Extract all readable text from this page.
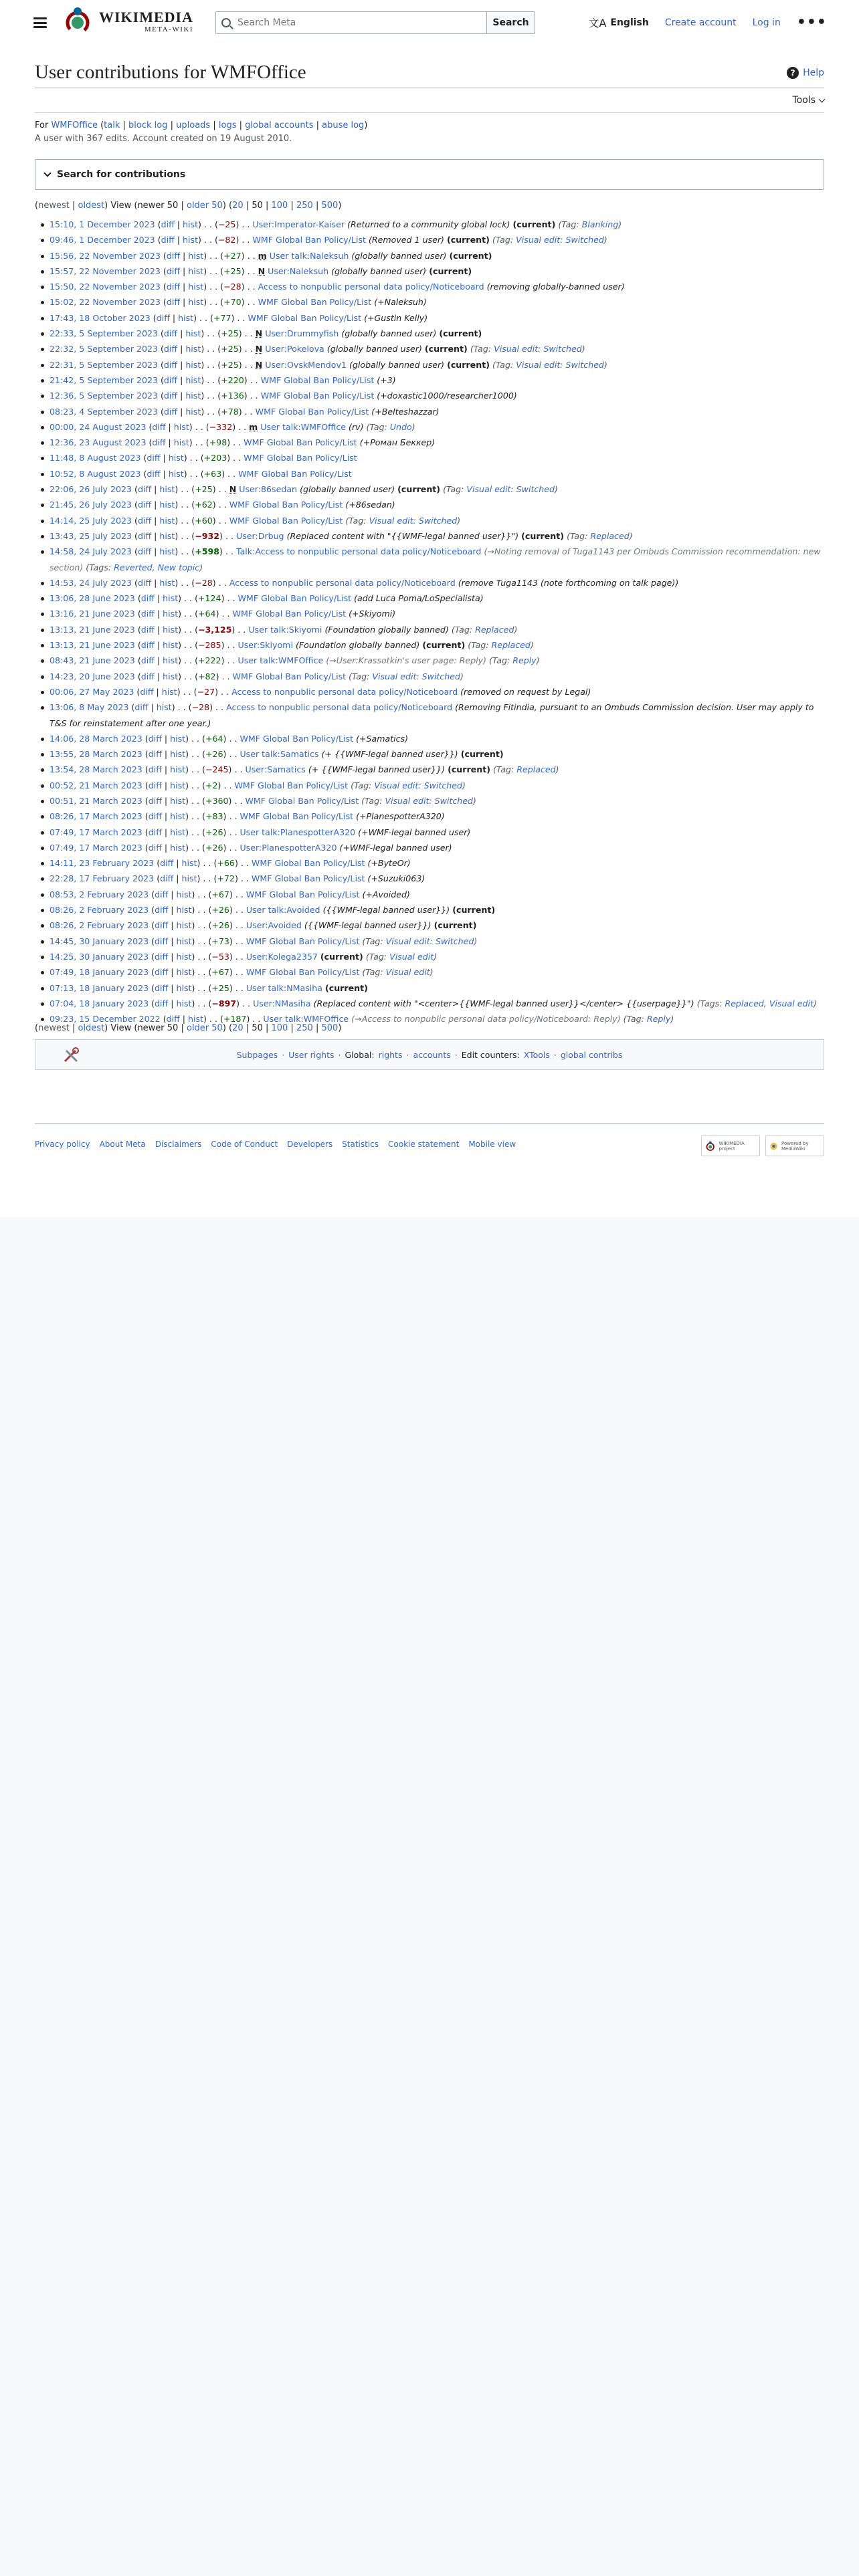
WIKIMEDIA
META-WIKI
Search Meta	Search	文A English Create account Log in •••
User contributions for WMFOffice	? Help
Tools
For WMFOffice (talk | block log | uploads | logs | global accounts | abuse log)
A user with 367 edits. Account created on 19 August 2010.
Search for contributions
(newest | oldest) View (newer 50 | older 50) (20 | 50 | 100 | 250 | 500)
15:10, 1 December 2023 (diff | hist) . . (−25) . . User:Imperator-Kaiser (Returned to a community global lock) (current) (Tag: Blanking)
09:46, 1 December 2023 (diff | hist) . . (−82) . . WMF Global Ban Policy/List (Removed 1 user) (current) (Tag: Visual edit: Switched)
15:56, 22 November 2023 (diff | hist) . . (+27) . . m User talk:Naleksuh (globally banned user) (current)
15:57, 22 November 2023 (diff | hist) . . (+25) . . N User:Naleksuh (globally banned user) (current)
15:50, 22 November 2023 (diff | hist) . . (−28) . . Access to nonpublic personal data policy/Noticeboard (removing globally-banned user)
15:02, 22 November 2023 (diff | hist) . . (+70) . . WMF Global Ban Policy/List (+Naleksuh)
17:43, 18 October 2023 (diff | hist) . . (+77) . . WMF Global Ban Policy/List (+Gustin Kelly)
22:33, 5 September 2023 (diff | hist) . . (+25) . . N User:Drummyfish (globally banned user) (current)
22:32, 5 September 2023 (diff | hist) . . (+25) . . N User:Pokelova (globally banned user) (current) (Tag: Visual edit: Switched)
22:31, 5 September 2023 (diff | hist) . . (+25) . . N User:OvskMendov1 (globally banned user) (current) (Tag: Visual edit: Switched)
21:42, 5 September 2023 (diff | hist) . . (+220) . . WMF Global Ban Policy/List (+3)
12:36, 5 September 2023 (diff | hist) . . (+136) . . WMF Global Ban Policy/List (+doxastic1000/researcher1000)
08:23, 4 September 2023 (diff | hist) . . (+78) . . WMF Global Ban Policy/List (+Belteshazzar)
00:00, 24 August 2023 (diff | hist) . . (−332) . . m User talk:WMFOffice (rv) (Tag: Undo)
12:36, 23 August 2023 (diff | hist) . . (+98) . . WMF Global Ban Policy/List (+Роман Беккер)
11:48, 8 August 2023 (diff | hist) . . (+203) . . WMF Global Ban Policy/List
10:52, 8 August 2023 (diff | hist) . . (+63) . . WMF Global Ban Policy/List
22:06, 26 July 2023 (diff | hist) . . (+25) . . N User:86sedan (globally banned user) (current) (Tag: Visual edit: Switched)
21:45, 26 July 2023 (diff | hist) . . (+62) . . WMF Global Ban Policy/List (+86sedan)
14:14, 25 July 2023 (diff | hist) . . (+60) . . WMF Global Ban Policy/List (Tag: Visual edit: Switched)
13:43, 25 July 2023 (diff | hist) . . (−932) . . User:Drbug (Replaced content with "{{WMF-legal banned user}}") (current) (Tag: Replaced)
14:58, 24 July 2023 (diff | hist) . . (+598) . . Talk:Access to nonpublic personal data policy/Noticeboard (→Noting removal of Tuga1143 per Ombuds Commission recommendation: new section) (Tags: Reverted, New topic)
14:53, 24 July 2023 (diff | hist) . . (−28) . . Access to nonpublic personal data policy/Noticeboard (remove Tuga1143 (note forthcoming on talk page))
13:06, 28 June 2023 (diff | hist) . . (+124) . . WMF Global Ban Policy/List (add Luca Poma/LoSpecialista)
13:16, 21 June 2023 (diff | hist) . . (+64) . . WMF Global Ban Policy/List (+Skiyomi)
13:13, 21 June 2023 (diff | hist) . . (−3,125) . . User talk:Skiyomi (Foundation globally banned) (Tag: Replaced)
13:13, 21 June 2023 (diff | hist) . . (−285) . . User:Skiyomi (Foundation globally banned) (current) (Tag: Replaced)
08:43, 21 June 2023 (diff | hist) . . (+222) . . User talk:WMFOffice (→User:Krassotkin's user page: Reply) (Tag: Reply)
14:23, 20 June 2023 (diff | hist) . . (+82) . . WMF Global Ban Policy/List (Tag: Visual edit: Switched)
00:06, 27 May 2023 (diff | hist) . . (−27) . . Access to nonpublic personal data policy/Noticeboard (removed on request by Legal)
13:06, 8 May 2023 (diff | hist) . . (−28) . . Access to nonpublic personal data policy/Noticeboard (Removing Fitindia, pursuant to an Ombuds Commission decision. User may apply to T&S for reinstatement after one year.)
14:06, 28 March 2023 (diff | hist) . . (+64) . . WMF Global Ban Policy/List (+Samatics)
13:55, 28 March 2023 (diff | hist) . . (+26) . . User talk:Samatics (+ {{WMF-legal banned user}}) (current)
13:54, 28 March 2023 (diff | hist) . . (−245) . . User:Samatics (+ {{WMF-legal banned user}}) (current) (Tag: Replaced)
00:52, 21 March 2023 (diff | hist) . . (+2) . . WMF Global Ban Policy/List (Tag: Visual edit: Switched)
00:51, 21 March 2023 (diff | hist) . . (+360) . . WMF Global Ban Policy/List (Tag: Visual edit: Switched)
08:26, 17 March 2023 (diff | hist) . . (+83) . . WMF Global Ban Policy/List (+PlanespotterA320)
07:49, 17 March 2023 (diff | hist) . . (+26) . . User talk:PlanespotterA320 (+WMF-legal banned user)
07:49, 17 March 2023 (diff | hist) . . (+26) . . User:PlanespotterA320 (+WMF-legal banned user)
14:11, 23 February 2023 (diff | hist) . . (+66) . . WMF Global Ban Policy/List (+ByteOr)
22:28, 17 February 2023 (diff | hist) . . (+72) . . WMF Global Ban Policy/List (+Suzuki063)
08:53, 2 February 2023 (diff | hist) . . (+67) . . WMF Global Ban Policy/List (+Avoided)
08:26, 2 February 2023 (diff | hist) . . (+26) . . User talk:Avoided ({{WMF-legal banned user}}) (current)
08:26, 2 February 2023 (diff | hist) . . (+26) . . User:Avoided ({{WMF-legal banned user}}) (current)
14:45, 30 January 2023 (diff | hist) . . (+73) . . WMF Global Ban Policy/List (Tag: Visual edit: Switched)
14:25, 30 January 2023 (diff | hist) . . (−53) . . User:Kolega2357 (current) (Tag: Visual edit)
07:49, 18 January 2023 (diff | hist) . . (+67) . . WMF Global Ban Policy/List (Tag: Visual edit)
07:13, 18 January 2023 (diff | hist) . . (+25) . . User talk:NMasiha (current)
07:04, 18 January 2023 (diff | hist) . . (−897) . . User:NMasiha (Replaced content with "<center>{{WMF-legal banned user}}</center> {{userpage}}") (Tags: Replaced, Visual edit)
09:23, 15 December 2022 (diff | hist) . . (+187) . . User talk:WMFOffice (→Access to nonpublic personal data policy/Noticeboard: Reply) (Tag: Reply)
(newest | oldest) View (newer 50 | older 50) (20 | 50 | 100 | 250 | 500)
Subpages · User rights · Global: rights · accounts · Edit counters: XTools · global contribs
Privacy policy About Meta Disclaimers Code of Conduct Developers Statistics Cookie statement Mobile view	WIKIMEDIA project
Powered by MediaWiki
